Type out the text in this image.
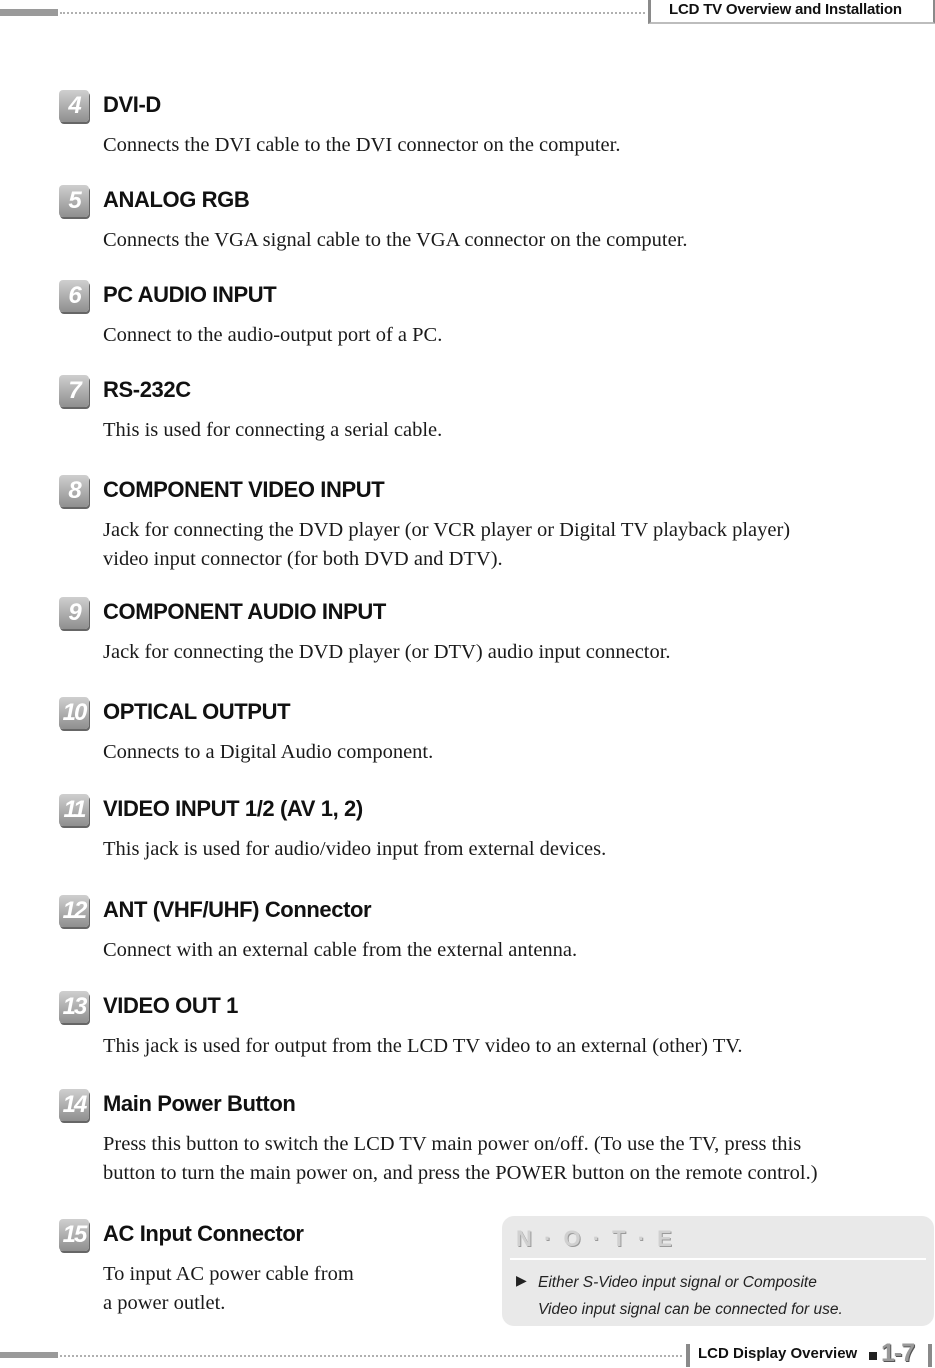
LCD TV Overview and Installation
4	DVI-D
Connects the DVI cable to the DVI connector on the computer.
5	ANALOG RGB
Connects the VGA signal cable to the VGA connector on the computer.
6	PC AUDIO INPUT
Connect to the audio-output port of a PC.
7	RS-232C
This is used for connecting a serial cable.
8	COMPONENT VIDEO INPUT
Jack for connecting the DVD player (or VCR player or Digital TV playback player)
video input connector (for both DVD and DTV).
9	COMPONENT AUDIO INPUT
Jack for connecting the DVD player (or DTV) audio input connector.
10 OPTICAL OUTPUT
Connects to a Digital Audio component.
11 VIDEO INPUT 1/2 (AV 1, 2)
This jack is used for audio/video input from external devices.
12 ANT (VHF/UHF) Connector
Connect with an external cable from the external antenna.
13 VIDEO OUT 1
This jack is used for output from the LCD TV video to an external (other) TV.
14 Main Power Button
Press this button to switch the LCD TV main power on/off. (To use the TV, press this
button to turn the main power on, and press the POWER button on the remote control.)
15 AC Input Connector
To input AC power cable from
a power outlet.
N · O · T · E
▶ Either S-Video input signal or Composite
Video input signal can be connected for use.
LCD Display Overview 1-7
